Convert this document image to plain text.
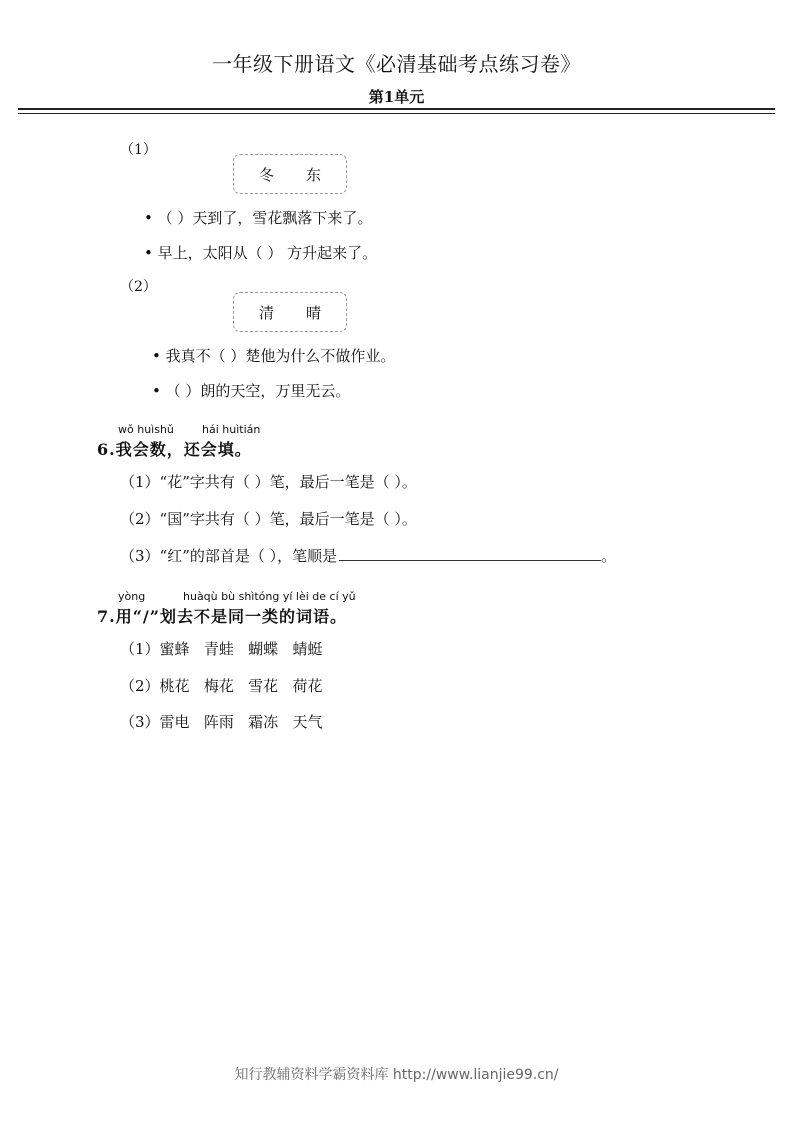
一年级下册语文《必清基础考点练习卷》
第1单元
（1）
冬 东
• （ ）天到了，雪花飘落下来了。
• 早上，太阳从（ ） 方升起来了。
（2）
清 晴
• 我真不（ ）楚他为什么不做作业。
• （ ）朗的天空，万里无云。
wǒ huìshǔ	hái huìtián
6.我会数，还会填。
（1）“花”字共有（ ）笔，最后一笔是（ ）。
（2）“国”字共有（ ）笔，最后一笔是（ ）。
（3）“红”的部首是（ ），笔顺是	。
yòng	huàqù bù shìtóng yí lèi de cí yǔ
7.用“/”划去不是同一类的词语。
（1）蜜蜂   青蛙   蝴蝶   蜻蜓
（2）桃花   梅花   雪花   荷花
（3）雷电   阵雨   霜冻   天气
知行教辅资料学霸资料库 http://www.lianjie99.cn/
